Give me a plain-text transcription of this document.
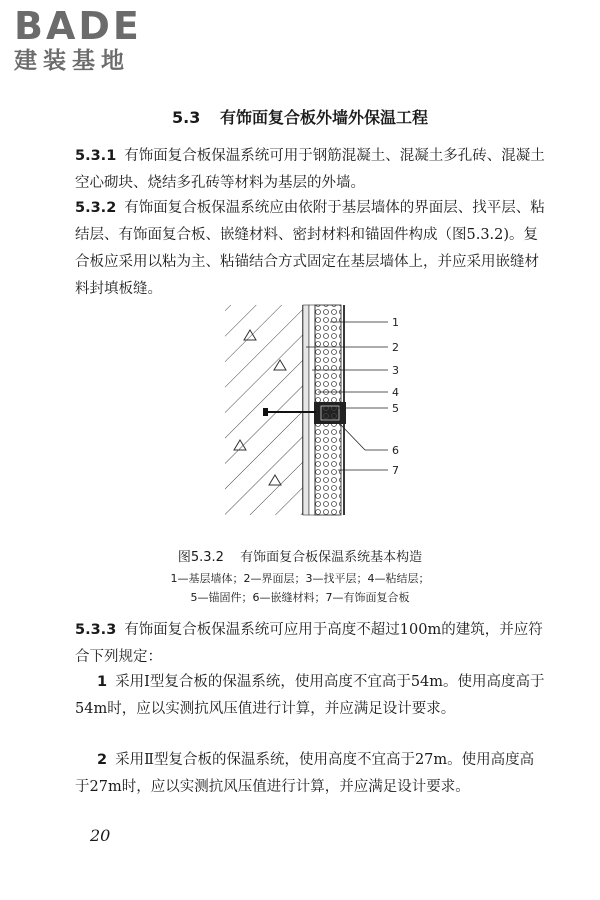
BADE
建装基地
5.3 有饰面复合板外墙外保温工程

5.3.1 有饰面复合板保温系统可用于钢筋混凝土、混凝土多孔砖、混凝土空心砌块、烧结多孔砖等材料为基层的外墙。

5.3.2 有饰面复合板保温系统应由依附于基层墙体的界面层、找平层、粘结层、有饰面复合板、嵌缝材料、密封材料和锚固件构成（图5.3.2)。复合板应采用以粘为主、粘锚结合方式固定在基层墙体上，并应采用嵌缝材料封填板缝。

1
2
3
4
5
6
7
图5.3.2 有饰面复合板保温系统基本构造
1—基层墙体；2—界面层；3—找平层；4—粘结层；
5—锚固件；6—嵌缝材料；7—有饰面复合板

5.3.3 有饰面复合板保温系统可应用于高度不超过100m的建筑，并应符合下列规定：

1 采用Ⅰ型复合板的保温系统，使用高度不宜高于54m。使用高度高于54m时，应以实测抗风压值进行计算，并应满足设计要求。

2 采用Ⅱ型复合板的保温系统，使用高度不宜高于27m。使用高度高于27m时，应以实测抗风压值进行计算，并应满足设计要求。

20
